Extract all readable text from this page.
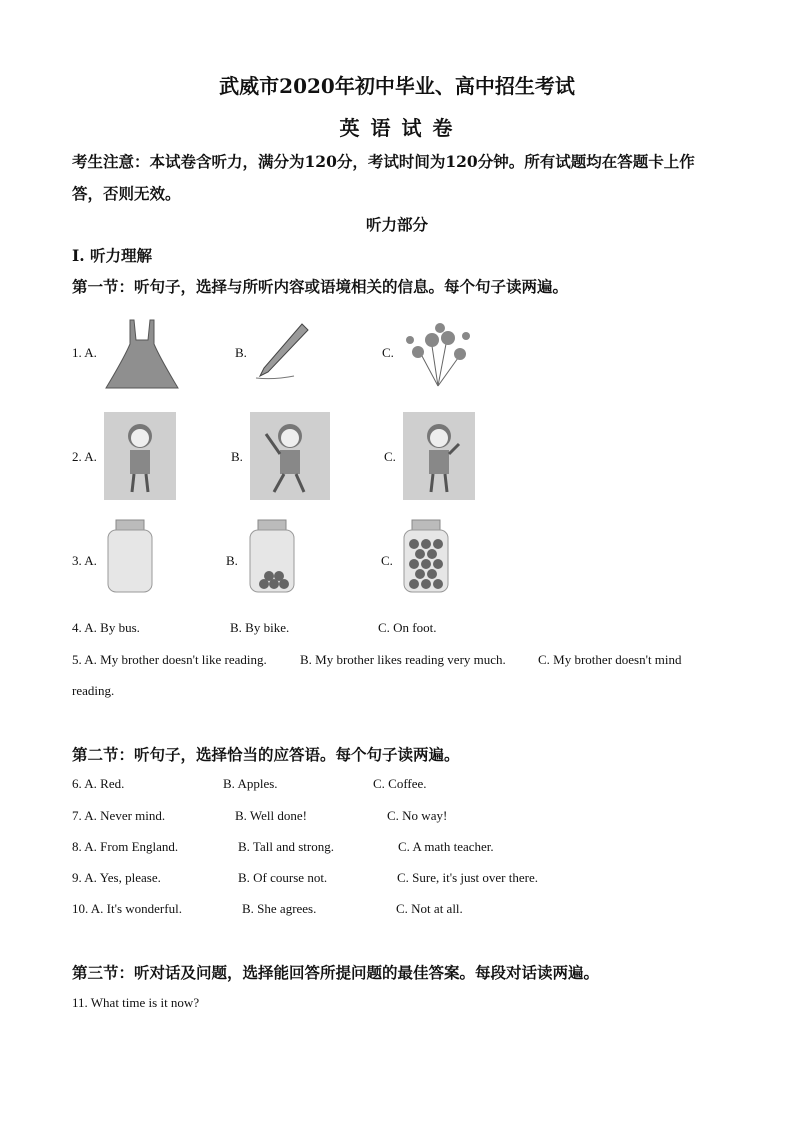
武威市2020年初中毕业、高中招生考试
英 语 试 卷
考生注意：本试卷含听力，满分为120分，考试时间为120分钟。所有试题均在答题卡上作
答，否则无效。
听力部分
I. 听力理解
第一节：听句子，选择与所听内容或语境相关的信息。每个句子读两遍。
1. A.	B.	C.
2. A.	B.	C.
3. A.	B.	C.
4. A. By bus.	B. By bike.	C. On foot.
5. A. My brother doesn't like reading.	B. My brother likes reading very much. C. My brother doesn't mind
reading.
第二节：听句子，选择恰当的应答语。每个句子读两遍。
6. A. Red.	B. Apples.	C. Coffee.
7. A. Never mind.	B. Well done!	C. No way!
8. A. From England.	B. Tall and strong.	C. A math teacher.
9. A. Yes, please.	B. Of course not.	C. Sure, it's just over there.
10. A. It's wonderful.	B. She agrees.	C. Not at all.
第三节：听对话及问题，选择能回答所提问题的最佳答案。每段对话读两遍。
11. What time is it now?
